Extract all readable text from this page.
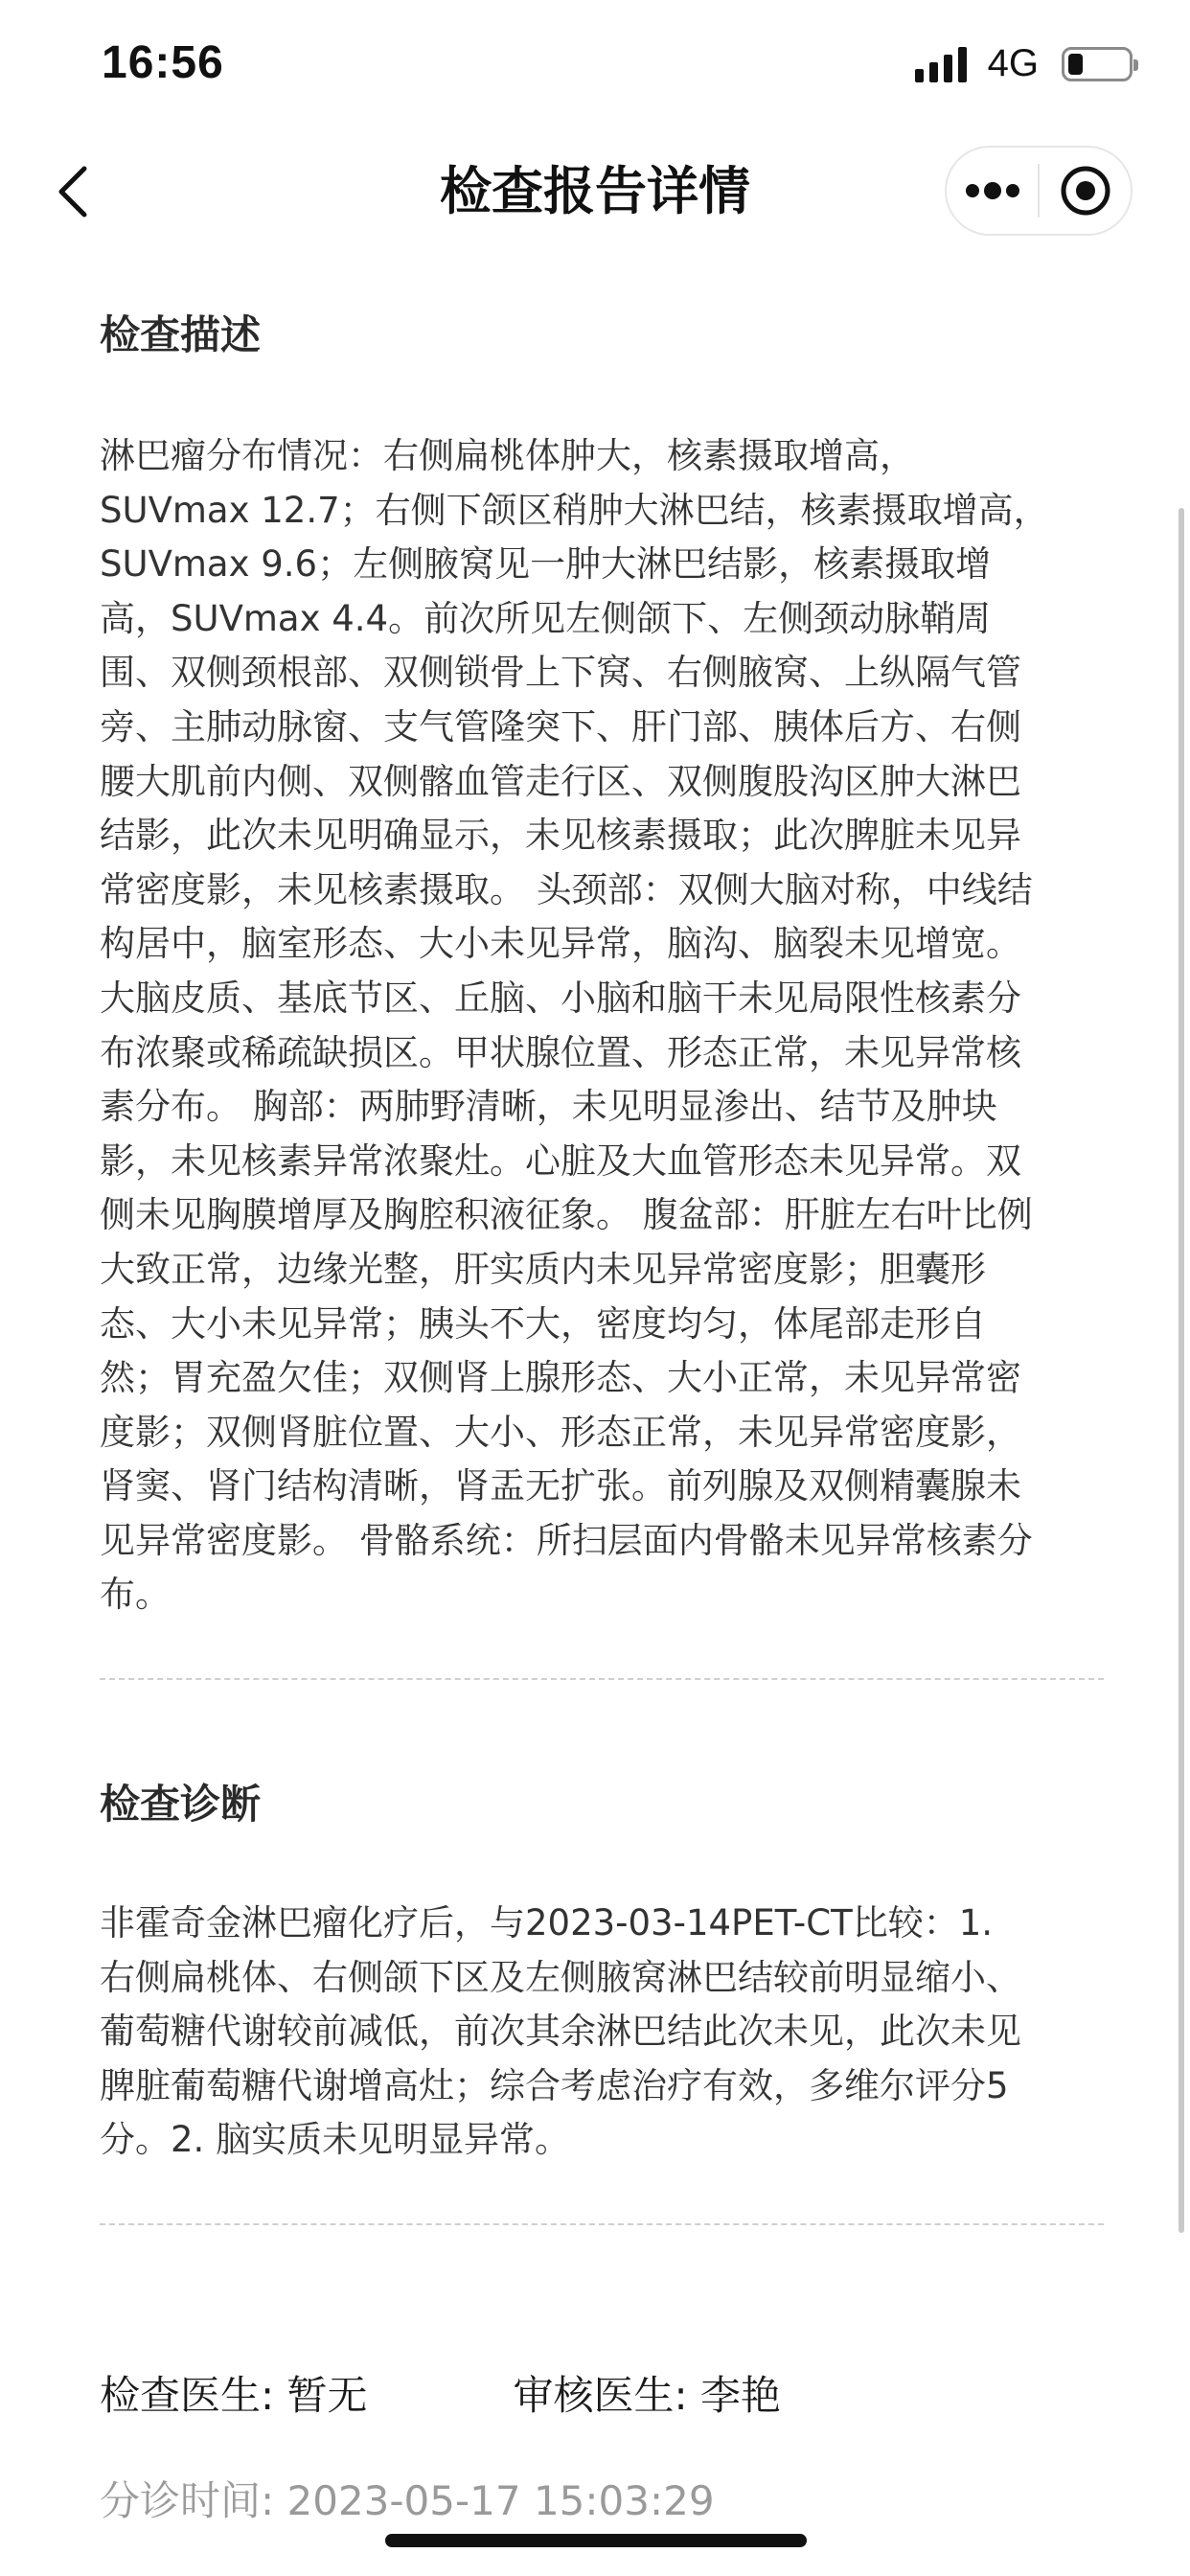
16:56	4G
检查报告详情
检查描述
淋巴瘤分布情况：右侧扁桃体肿大，核素摄取增高，
SUVmax 12.7；右侧下颌区稍肿大淋巴结，核素摄取增高，
SUVmax 9.6；左侧腋窝见一肿大淋巴结影，核素摄取增
高，SUVmax 4.4。前次所见左侧颌下、左侧颈动脉鞘周
围、双侧颈根部、双侧锁骨上下窝、右侧腋窝、上纵隔气管
旁、主肺动脉窗、支气管隆突下、肝门部、胰体后方、右侧
腰大肌前内侧、双侧髂血管走行区、双侧腹股沟区肿大淋巴
结影，此次未见明确显示，未见核素摄取；此次脾脏未见异
常密度影，未见核素摄取。 头颈部：双侧大脑对称，中线结
构居中，脑室形态、大小未见异常，脑沟、脑裂未见增宽。
大脑皮质、基底节区、丘脑、小脑和脑干未见局限性核素分
布浓聚或稀疏缺损区。甲状腺位置、形态正常，未见异常核
素分布。 胸部：两肺野清晰，未见明显渗出、结节及肿块
影，未见核素异常浓聚灶。心脏及大血管形态未见异常。双
侧未见胸膜增厚及胸腔积液征象。 腹盆部：肝脏左右叶比例
大致正常，边缘光整，肝实质内未见异常密度影；胆囊形
态、大小未见异常；胰头不大，密度均匀，体尾部走形自
然；胃充盈欠佳；双侧肾上腺形态、大小正常，未见异常密
度影；双侧肾脏位置、大小、形态正常，未见异常密度影，
肾窦、肾门结构清晰，肾盂无扩张。前列腺及双侧精囊腺未
见异常密度影。 骨骼系统：所扫层面内骨骼未见异常核素分
布。
检查诊断
非霍奇金淋巴瘤化疗后，与2023-03-14PET-CT比较：1.
右侧扁桃体、右侧颌下区及左侧腋窝淋巴结较前明显缩小、
葡萄糖代谢较前减低，前次其余淋巴结此次未见，此次未见
脾脏葡萄糖代谢增高灶；综合考虑治疗有效，多维尔评分5
分。2. 脑实质未见明显异常。
检查医生: 暂无	审核医生: 李艳
分诊时间: 2023-05-17 15:03:29
